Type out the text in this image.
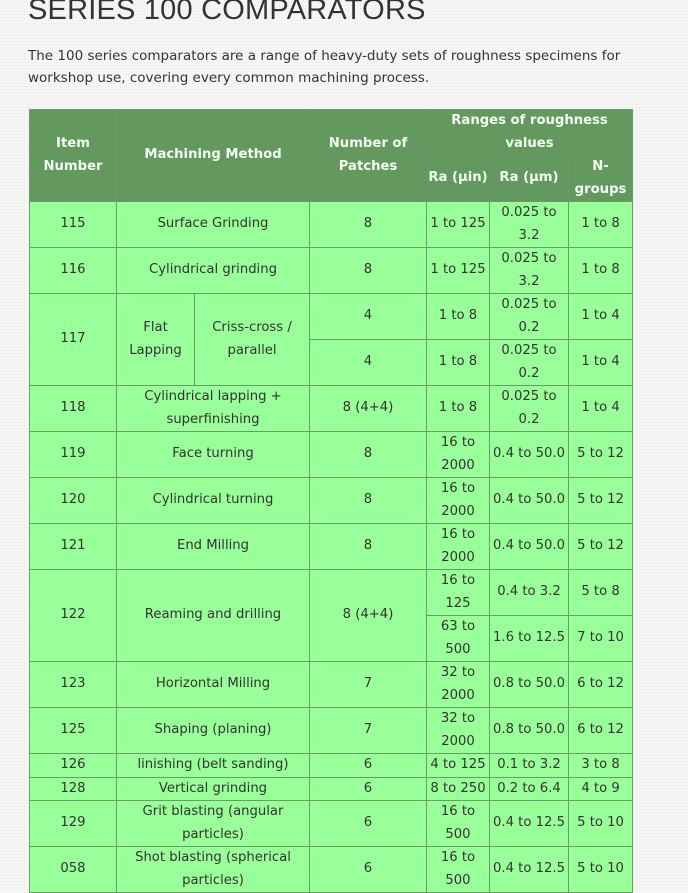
SERIES 100 COMPARATORS

The 100 series comparators are a range of heavy-duty sets of roughness specimens for workshop use, covering every common machining process.

Item Number	Machining Method		Number of Patches	Ranges of roughness values		
				Ra (µin)	Ra (µm)	N-groups
115	Surface Grinding		8	1 to 125	0.025 to 3.2	1 to 8
116	Cylindrical grinding		8	1 to 125	0.025 to 3.2	1 to 8
117	Flat Lapping	Criss-cross / parallel	4	1 to 8	0.025 to 0.2	1 to 4
			4	1 to 8	0.025 to 0.2	1 to 4
118	Cylindrical lapping + superfinishing		8 (4+4)	1 to 8	0.025 to 0.2	1 to 4
119	Face turning		8	16 to 2000	0.4 to 50.0	5 to 12
120	Cylindrical turning		8	16 to 2000	0.4 to 50.0	5 to 12
121	End Milling		8	16 to 2000	0.4 to 50.0	5 to 12
122	Reaming and drilling		8 (4+4)	16 to 125	0.4 to 3.2	5 to 8
				63 to 500	1.6 to 12.5	7 to 10
123	Horizontal Milling		7	32 to 2000	0.8 to 50.0	6 to 12
125	Shaping (planing)		7	32 to 2000	0.8 to 50.0	6 to 12
126	linishing (belt sanding)		6	4 to 125	0.1 to 3.2	3 to 8
128	Vertical grinding		6	8 to 250	0.2 to 6.4	4 to 9
129	Grit blasting (angular particles)		6	16 to 500	0.4 to 12.5	5 to 10
058	Shot blasting (spherical particles)		6	16 to 500	0.4 to 12.5	5 to 10
